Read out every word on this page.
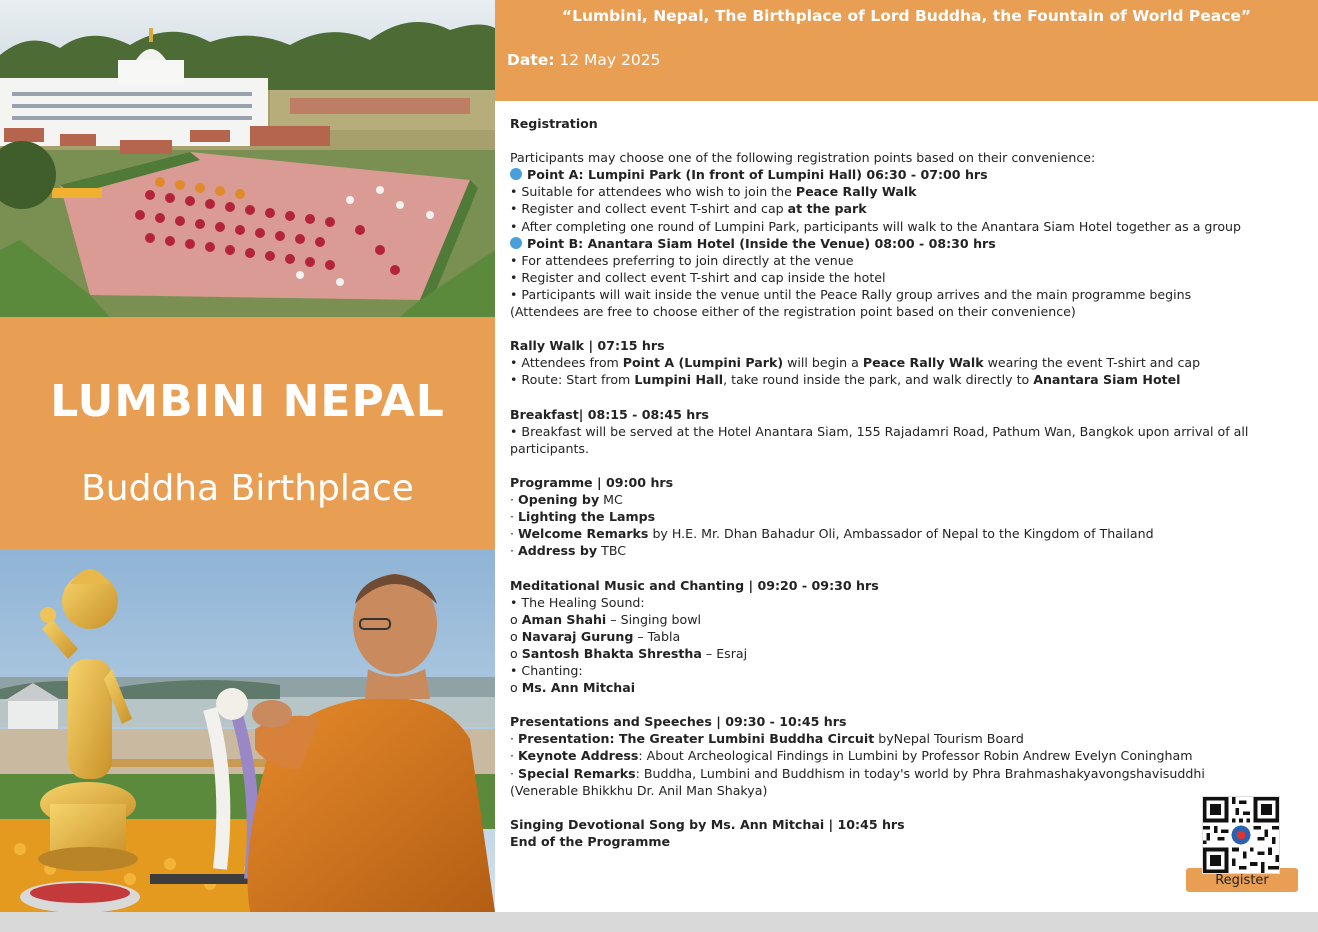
LUMBINI NEPAL
Buddha Birthplace
“Lumbini, Nepal, The Birthplace of Lord Buddha, the Fountain of World Peace”
Date: 12 May 2025
Registration
Participants may choose one of the following registration points based on their convenience:
Point A: Lumpini Park (In front of Lumpini Hall) 06:30 - 07:00 hrs
• Suitable for attendees who wish to join the Peace Rally Walk
• Register and collect event T-shirt and cap at the park
• After completing one round of Lumpini Park, participants will walk to the Anantara Siam Hotel together as a group
Point B: Anantara Siam Hotel (Inside the Venue) 08:00 - 08:30 hrs
• For attendees preferring to join directly at the venue
• Register and collect event T-shirt and cap inside the hotel
• Participants will wait inside the venue until the Peace Rally group arrives and the main programme begins
(Attendees are free to choose either of the registration point based on their convenience)
Rally Walk | 07:15 hrs
• Attendees from Point A (Lumpini Park) will begin a Peace Rally Walk wearing the event T-shirt and cap
• Route: Start from Lumpini Hall, take round inside the park, and walk directly to Anantara Siam Hotel
Breakfast| 08:15 - 08:45 hrs
• Breakfast will be served at the Hotel Anantara Siam, 155 Rajadamri Road, Pathum Wan, Bangkok upon arrival of all participants.
Programme | 09:00 hrs
· Opening by MC
· Lighting the Lamps
· Welcome Remarks by H.E. Mr. Dhan Bahadur Oli, Ambassador of Nepal to the Kingdom of Thailand
· Address by TBC
Meditational Music and Chanting | 09:20 - 09:30 hrs
• The Healing Sound:
o Aman Shahi – Singing bowl
o Navaraj Gurung – Tabla
o Santosh Bhakta Shrestha – Esraj
• Chanting:
o Ms. Ann Mitchai
Presentations and Speeches | 09:30 - 10:45 hrs
· Presentation: The Greater Lumbini Buddha Circuit byNepal Tourism Board
· Keynote Address: About Archeological Findings in Lumbini by Professor Robin Andrew Evelyn Coningham
· Special Remarks: Buddha, Lumbini and Buddhism in today's world by Phra Brahmashakyavongshavisuddhi
(Venerable Bhikkhu Dr. Anil Man Shakya)
Singing Devotional Song by Ms. Ann Mitchai | 10:45 hrs
End of the Programme
Register
